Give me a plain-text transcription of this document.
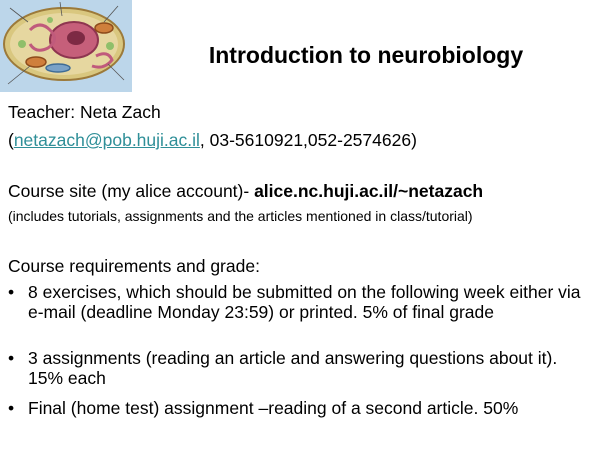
Introduction to neurobiology
Teacher: Neta Zach
(netazach@pob.huji.ac.il, 03-5610921,052-2574626)
Course site (my alice account)- alice.nc.huji.ac.il/~netazach
(includes tutorials, assignments and the articles mentioned in class/tutorial)
Course requirements and grade:
• 8 exercises, which should be submitted on the following week either via e-mail (deadline Monday 23:59) or printed. 5% of final grade
• 3 assignments (reading an article and answering questions about it). 15% each
• Final (home test) assignment –reading of a second article. 50%
